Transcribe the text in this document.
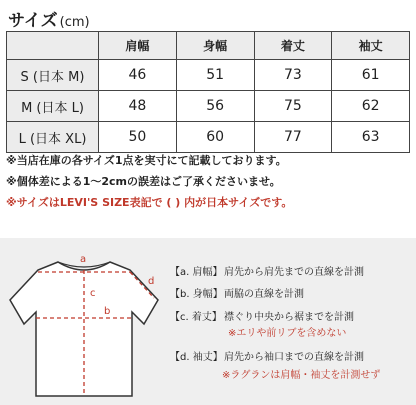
サイズ (cm)
	肩幅	身幅	着丈	袖丈
S (日本 M)	46	51	73	61
M (日本 L)	48	56	75	62
L (日本 XL)	50	60	77	63
※当店在庫の各サイズ1点を実寸にて記載しております。
※個体差による1〜2cmの誤差はご了承くださいませ。
※サイズはLEVI'S SIZE表記で ( ) 内が日本サイズです。
a
b
c
d
【a. 肩幅】 肩先から肩先までの直線を計測
【b. 身幅】両脇の直線を計測
【c. 着丈】 襟ぐり中央から裾までを計測
※エリや前リブを含めない
【d. 袖丈】肩先から袖口までの直線を計測
※ラグランは肩幅・袖丈を計測せず
